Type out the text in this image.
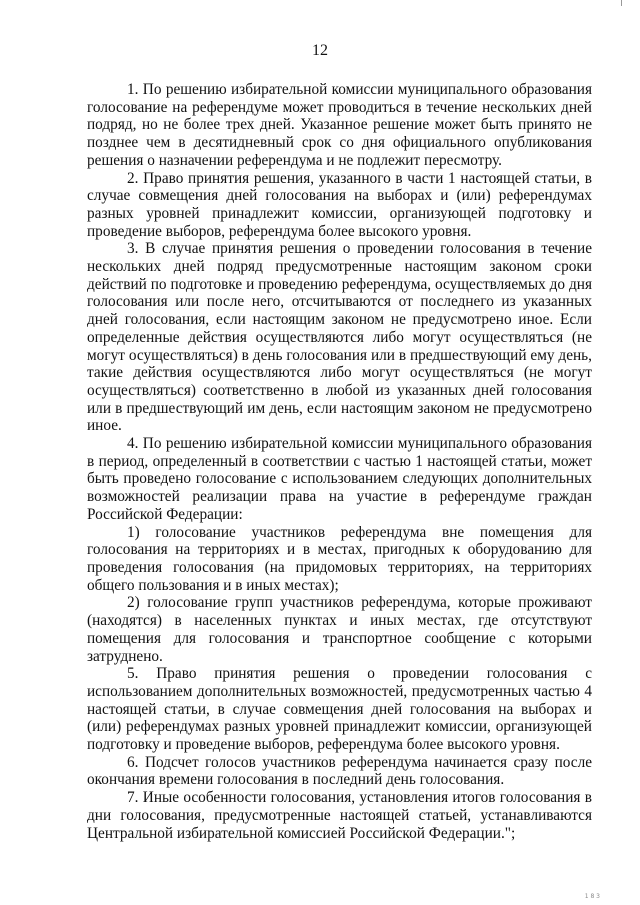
12

1. По решению избирательной комиссии муниципального образования голосование на референдуме может проводиться в течение нескольких дней подряд, но не более трех дней. Указанное решение может быть принято не позднее чем в десятидневный срок со дня официального опубликования решения о назначении референдума и не подлежит пересмотру.

2. Право принятия решения, указанного в части 1 настоящей статьи, в случае совмещения дней голосования на выборах и (или) референдумах разных уровней принадлежит комиссии, организующей подготовку и проведение выборов, референдума более высокого уровня.

3. В случае принятия решения о проведении голосования в течение нескольких дней подряд предусмотренные настоящим законом сроки действий по подготовке и проведению референдума, осуществляемых до дня голосования или после него, отсчитываются от последнего из указанных дней голосования, если настоящим законом не предусмотрено иное. Если определенные действия осуществляются либо могут осуществляться (не могут осуществляться) в день голосования или в предшествующий ему день, такие действия осуществляются либо могут осуществляться (не могут осуществляться) соответственно в любой из указанных дней голосования или в предшествующий им день, если настоящим законом не предусмотрено иное.

4. По решению избирательной комиссии муниципального образования в период, определенный в соответствии с частью 1 настоящей статьи, может быть проведено голосование с использованием следующих дополнительных возможностей реализации права на участие в референдуме граждан Российской Федерации:

1) голосование участников референдума вне помещения для голосования на территориях и в местах, пригодных к оборудованию для проведения голосования (на придомовых территориях, на территориях общего пользования и в иных местах);

2) голосование групп участников референдума, которые проживают (находятся) в населенных пунктах и иных местах, где отсутствуют помещения для голосования и транспортное сообщение с которыми затруднено.

5. Право принятия решения о проведении голосования с использованием дополнительных возможностей, предусмотренных частью 4 настоящей статьи, в случае совмещения дней голосования на выборах и (или) референдумах разных уровней принадлежит комиссии, организующей подготовку и проведение выборов, референдума более высокого уровня.

6. Подсчет голосов участников референдума начинается сразу после окончания времени голосования в последний день голосования.

7. Иные особенности голосования, установления итогов голосования в дни голосования, предусмотренные настоящей статьей, устанавливаются Центральной избирательной комиссией Российской Федерации.";

1 8 3
